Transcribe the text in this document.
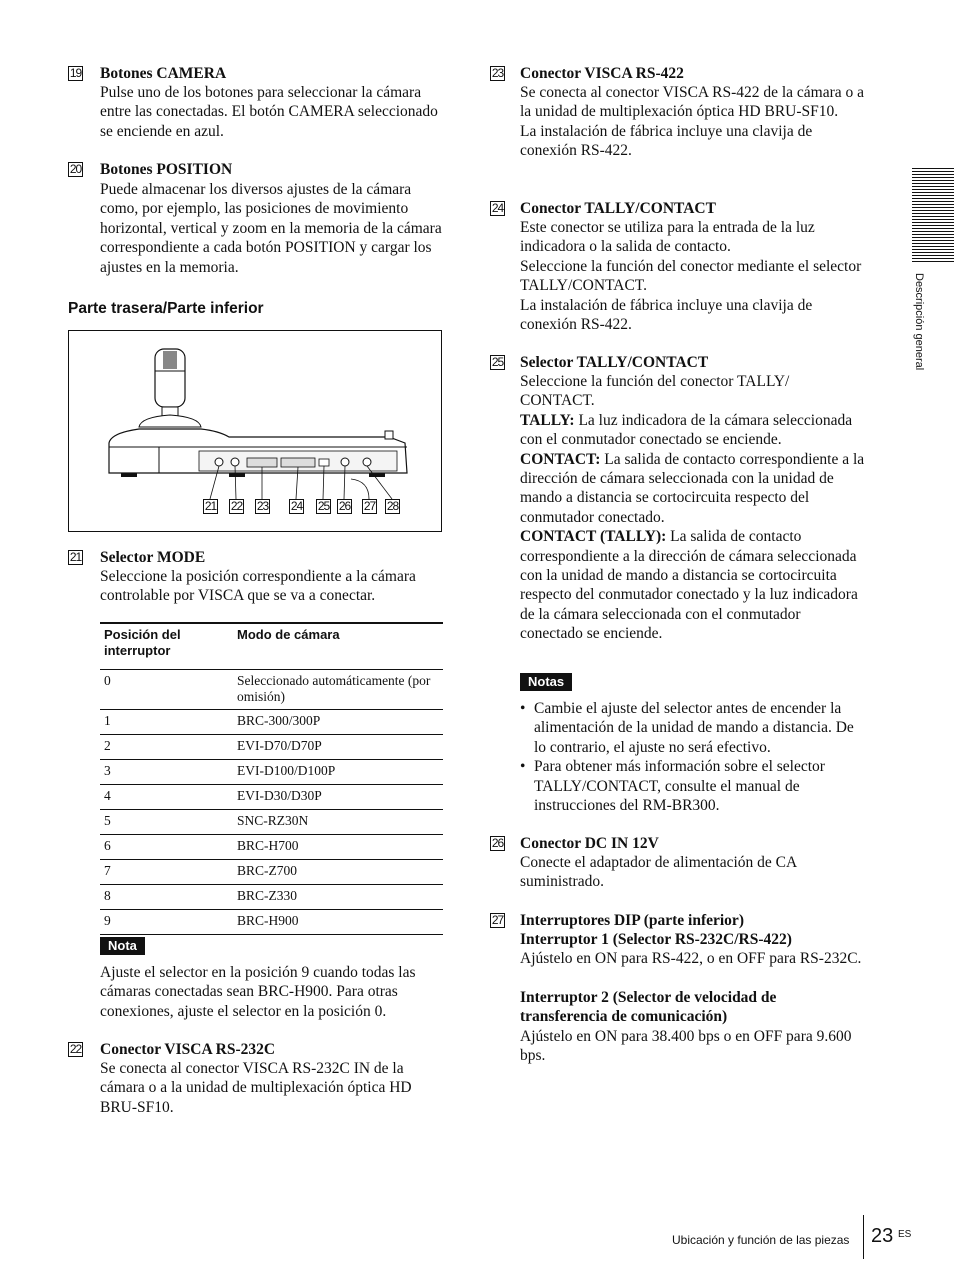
19 Botones CAMERA
Pulse uno de los botones para seleccionar la cámara entre las conectadas. El botón CAMERA seleccionado se enciende en azul.
20 Botones POSITION
Puede almacenar los diversos ajustes de la cámara como, por ejemplo, las posiciones de movimiento horizontal, vertical y zoom en la memoria de la cámara correspondiente a cada botón POSITION y cargar los ajustes en la memoria.
Parte trasera/Parte inferior
21 22 23 24 25 26 27 28
21 Selector MODE
Seleccione la posición correspondiente a la cámara controlable por VISCA que se va a conectar.
Posición del interruptor	Modo de cámara
0	Seleccionado automáticamente (por omisión)
1	BRC-300/300P
2	EVI-D70/D70P
3	EVI-D100/D100P
4	EVI-D30/D30P
5	SNC-RZ30N
6	BRC-H700
7	BRC-Z700
8	BRC-Z330
9	BRC-H900
Nota
Ajuste el selector en la posición 9 cuando todas las cámaras conectadas sean BRC-H900. Para otras conexiones, ajuste el selector en la posición 0.
22 Conector VISCA RS-232C
Se conecta al conector VISCA RS-232C IN de la cámara o a la unidad de multiplexación óptica HD BRU-SF10.
23 Conector VISCA RS-422

Se conecta al conector VISCA RS-422 de la cámara o a la unidad de multiplexación óptica HD BRU-SF10.

La instalación de fábrica incluye una clavija de conexión RS-422.

24 Conector TALLY/CONTACT

Este conector se utiliza para la entrada de la luz indicadora o la salida de contacto.

Seleccione la función del conector mediante el selector TALLY/CONTACT.

La instalación de fábrica incluye una clavija de conexión RS-422.

25 Selector TALLY/CONTACT

Seleccione la función del conector TALLY/ CONTACT.

TALLY: La luz indicadora de la cámara seleccionada con el conmutador conectado se enciende.

CONTACT: La salida de contacto correspondiente a la dirección de cámara seleccionada con la unidad de mando a distancia se cortocircuita respecto del conmutador conectado.

CONTACT (TALLY): La salida de contacto correspondiente a la dirección de cámara seleccionada con la unidad de mando a distancia se cortocircuita respecto del conmutador conectado y la luz indicadora de la cámara seleccionada con el conmutador conectado se enciende.

Notas
• Cambie el ajuste del selector antes de encender la alimentación de la unidad de mando a distancia. De lo contrario, el ajuste no será efectivo.
• Para obtener más información sobre el selector TALLY/CONTACT, consulte el manual de instrucciones del RM-BR300.
26 Conector DC IN 12V
Conecte el adaptador de alimentación de CA suministrado.
27 Interruptores DIP (parte inferior)

Interruptor 1 (Selector RS-232C/RS-422)

Ajústelo en ON para RS-422, o en OFF para RS-232C.

Interruptor 2 (Selector de velocidad de transferencia de comunicación)

Ajústelo en ON para 38.400 bps o en OFF para 9.600 bps.

Descripción general
Ubicación y función de las piezas 23 ES
